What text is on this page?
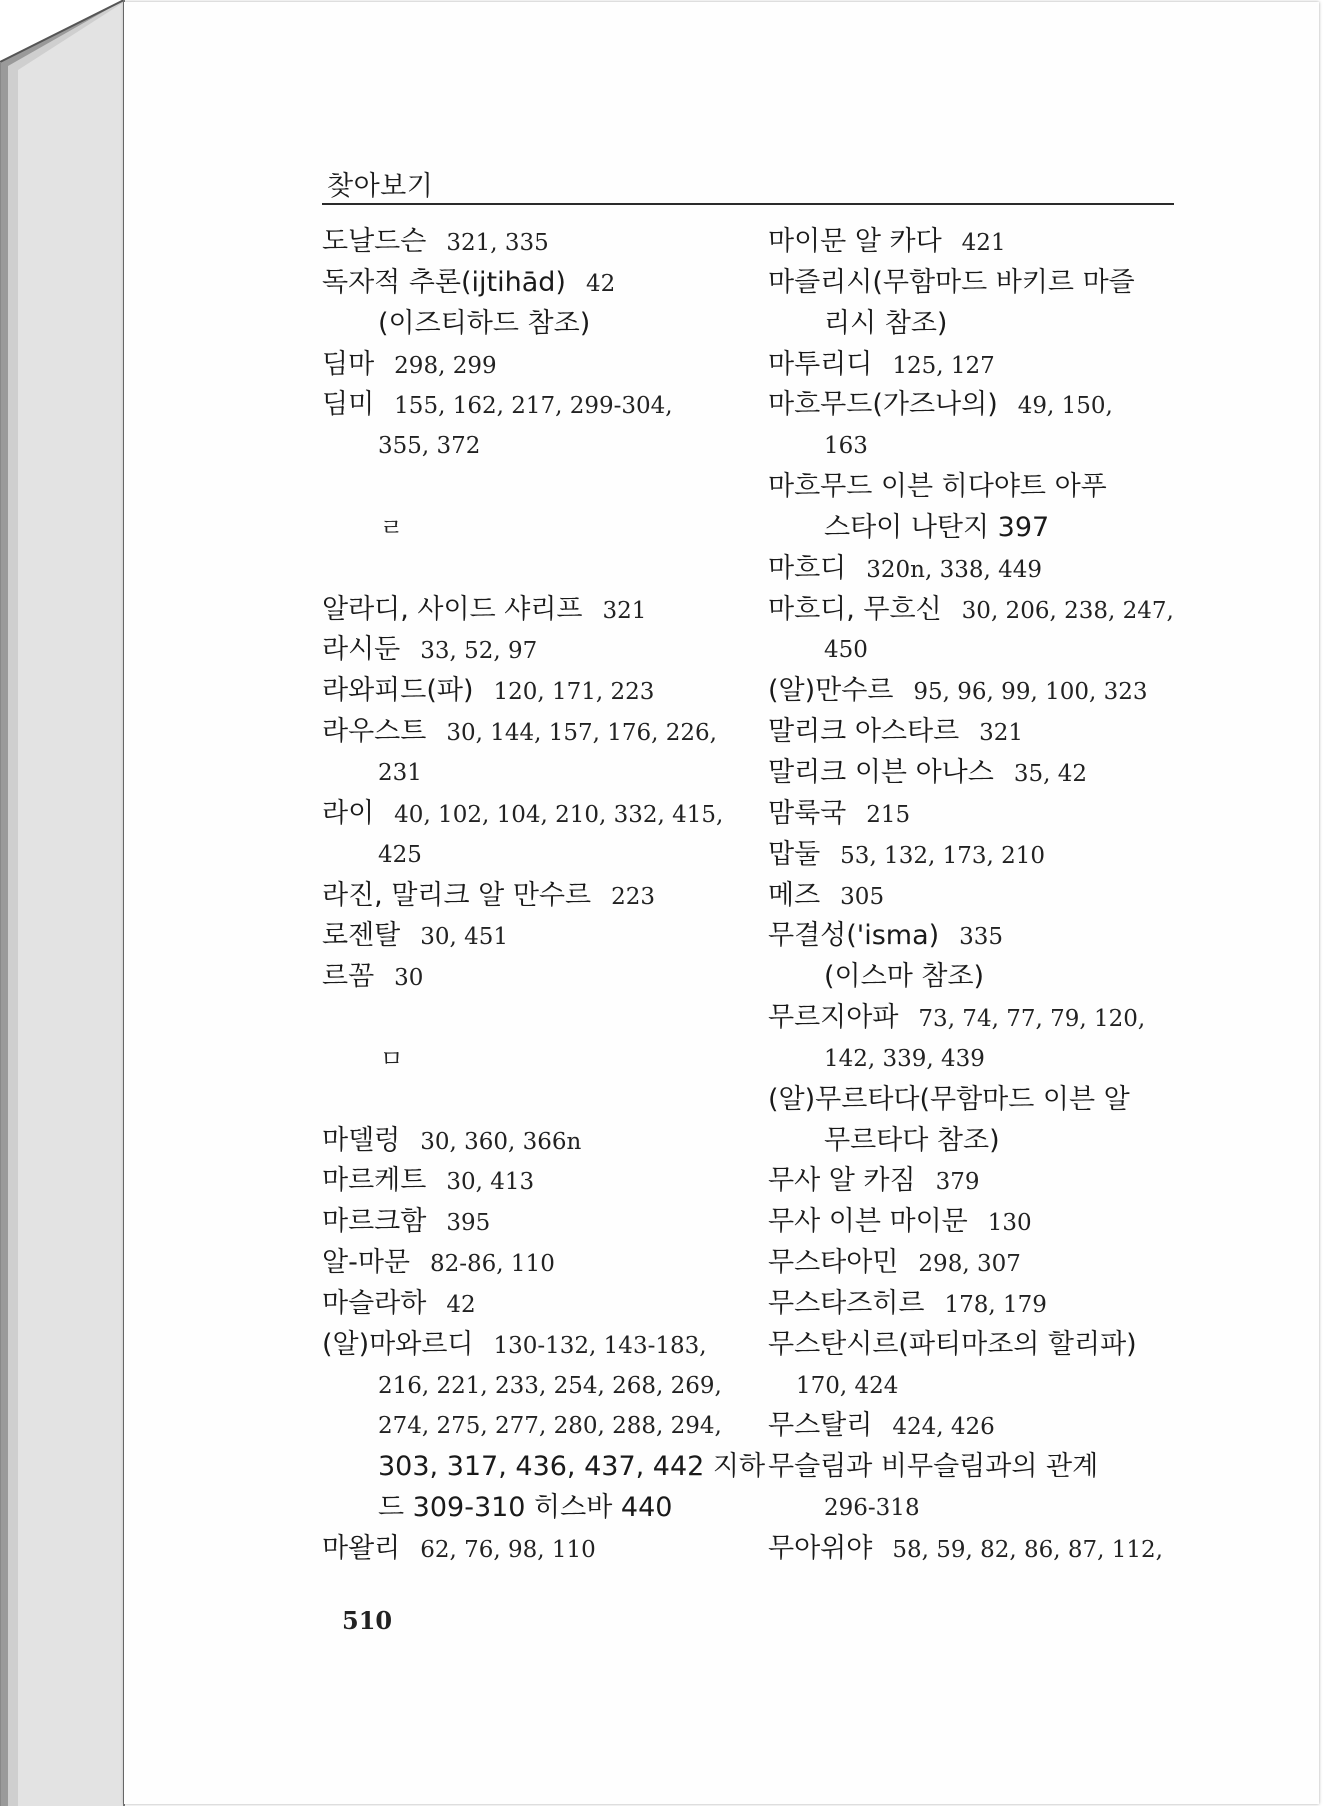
찾아보기
도날드슨 321, 335
독자적 추론(ijtihād) 42
(이즈티하드 참조)
딤마 298, 299
딤미 155, 162, 217, 299-304,
355, 372
ㄹ
알라디, 사이드 샤리프 321
라시둔 33, 52, 97
라와피드(파) 120, 171, 223
라우스트 30, 144, 157, 176, 226,
231
라이 40, 102, 104, 210, 332, 415,
425
라진, 말리크 알 만수르 223
로젠탈 30, 451
르꼼 30
ㅁ
마델렁 30, 360, 366n
마르케트 30, 413
마르크함 395
알-마문 82-86, 110
마슬라하 42
(알)마와르디 130-132, 143-183,
216, 221, 233, 254, 268, 269,
274, 275, 277, 280, 288, 294,
303, 317, 436, 437, 442 지하
드 309-310 히스바 440
마왈리 62, 76, 98, 110
마이문 알 카다 421
마즐리시(무함마드 바키르 마즐
리시 참조)
마투리디 125, 127
마흐무드(가즈나의) 49, 150,
163
마흐무드 이븐 히다야트 아푸
스타이 나탄지 397
마흐디 320n, 338, 449
마흐디, 무흐신 30, 206, 238, 247,
450
(알)만수르 95, 96, 99, 100, 323
말리크 아스타르 321
말리크 이븐 아나스 35, 42
맘룩국 215
맙둘 53, 132, 173, 210
메즈 305
무결성('isma) 335
(이스마 참조)
무르지아파 73, 74, 77, 79, 120,
142, 339, 439
(알)무르타다(무함마드 이븐 알
무르타다 참조)
무사 알 카짐 379
무사 이븐 마이문 130
무스타아민 298, 307
무스타즈히르 178, 179
무스탄시르(파티마조의 할리파)
170, 424
무스탈리 424, 426
무슬림과 비무슬림과의 관계
296-318
무아위야 58, 59, 82, 86, 87, 112,
510
